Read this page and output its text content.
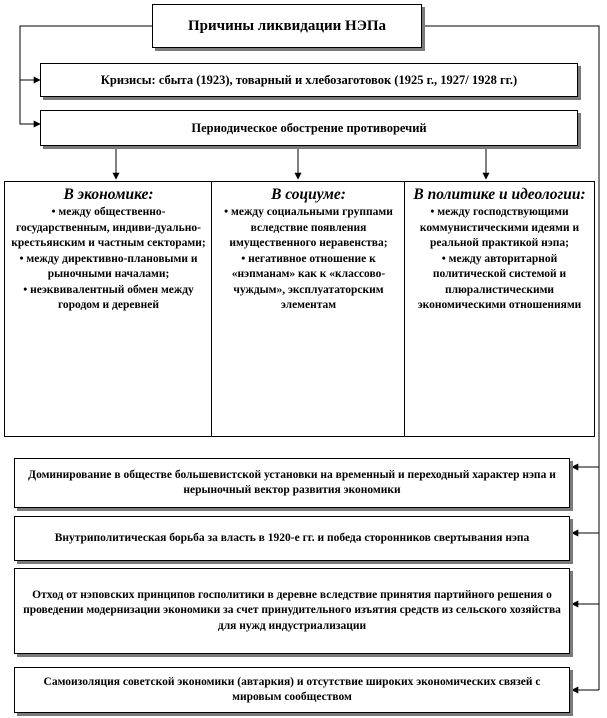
Причины ликвидации НЭПа
Кризисы: сбыта (1923), товарный и хлебозаготовок (1925 г., 1927/ 1928 гг.)
Периодическое обострение противоречий
В экономике:

• между общественно-государственным, индиви-дуально-крестьянским и частным секторами;

• между директивно-плановыми и рыночными началами;

• неэквивалентный обмен между городом и деревней

В социуме:

• между социальными группами вследствие появления имущественного неравенства;

• негативное отношение к «нэпманам» как к «классово- чуждым», эксплуататорским элементам

В политике и идеологии:

• между господствующими коммунистическими идеями и реальной практикой нэпа;

• между авторитарной политической системой и плюралистическими экономическими отношениями

Доминирование в обществе большевистской установки на временный и переходный характер нэпа и нерыночный вектор развития экономики
Внутриполитическая борьба за власть в 1920-е гг. и победа сторонников свертывания нэпа
Отход от нэповских принципов госполитики в деревне вследствие принятия партийного решения о проведении модернизации экономики за счет принудительного изъятия средств из сельского хозяйства для нужд индустриализации
Самоизоляция советской экономики (автаркия) и отсутствие широких экономических связей с мировым сообществом
